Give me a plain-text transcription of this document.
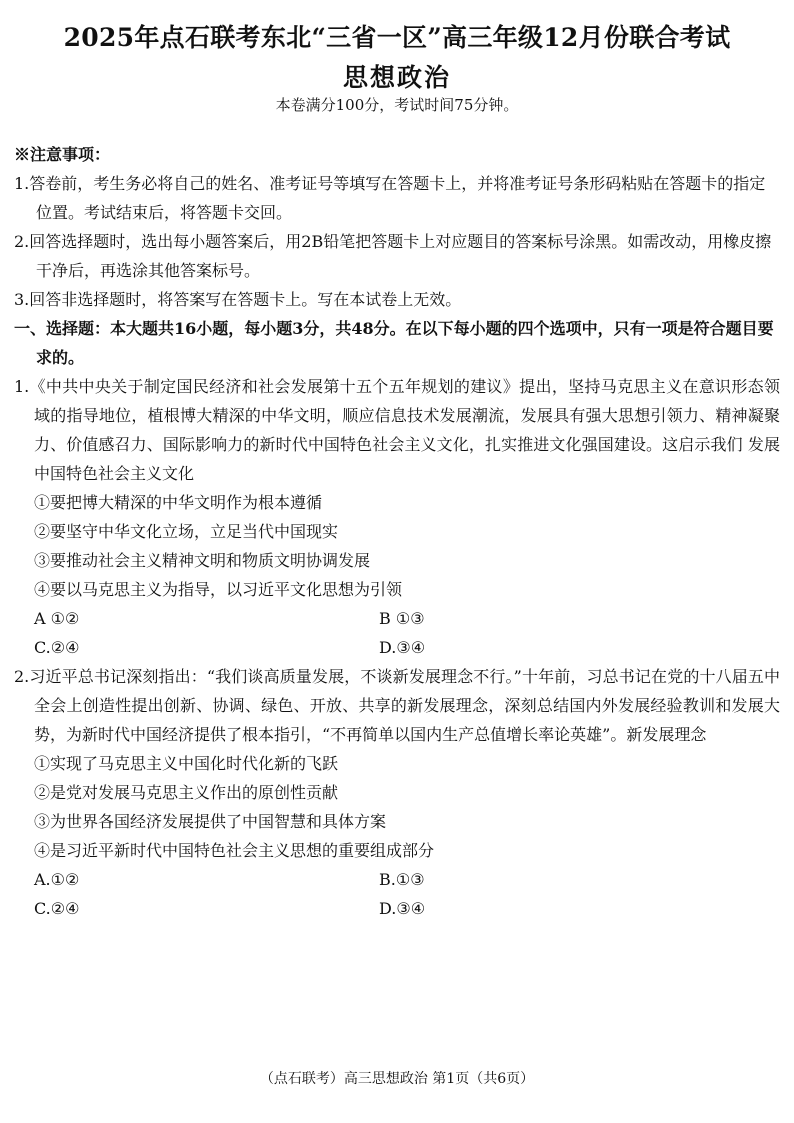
2025年点石联考东北“三省一区”高三年级12月份联合考试
思想政治
本卷满分100分，考试时间75分钟。

※注意事项：

1.答卷前，考生务必将自己的姓名、准考证号等填写在答题卡上，并将准考证号条形码粘贴在答题卡的指定位置。考试结束后，将答题卡交回。

2.回答选择题时，选出每小题答案后，用2B铅笔把答题卡上对应题目的答案标号涂黑。如需改动，用橡皮擦干净后，再选涂其他答案标号。

3.回答非选择题时，将答案写在答题卡上。写在本试卷上无效。

一、选择题：本大题共16小题，每小题3分，共48分。在以下每小题的四个选项中，只有一项是符合题目要求的。

1.《中共中央关于制定国民经济和社会发展第十五个五年规划的建议》提出，坚持马克思主义在意识形态领域的指导地位，植根博大精深的中华文明，顺应信息技术发展潮流，发展具有强大思想引领力、精神凝聚力、价值感召力、国际影响力的新时代中国特色社会主义文化，扎实推进文化强国建设。这启示我们 发展中国特色社会主义文化

①要把博大精深的中华文明作为根本遵循

②要坚守中华文化立场，立足当代中国现实

③要推动社会主义精神文明和物质文明协调发展

④要以马克思主义为指导，以习近平文化思想为引领

A ①②	B ①③
C.②④	D.③④

2.习近平总书记深刻指出：“我们谈高质量发展，不谈新发展理念不行。”十年前，习总书记在党的十八届五中全会上创造性提出创新、协调、绿色、开放、共享的新发展理念，深刻总结国内外发展经验教训和发展大势，为新时代中国经济提供了根本指引，“不再简单以国内生产总值增长率论英雄”。新发展理念

①实现了马克思主义中国化时代化新的飞跃

②是党对发展马克思主义作出的原创性贡献

③为世界各国经济发展提供了中国智慧和具体方案

④是习近平新时代中国特色社会主义思想的重要组成部分

A.①②	B.①③
C.②④	D.③④
（点石联考）高三思想政治 第1页（共6页）
